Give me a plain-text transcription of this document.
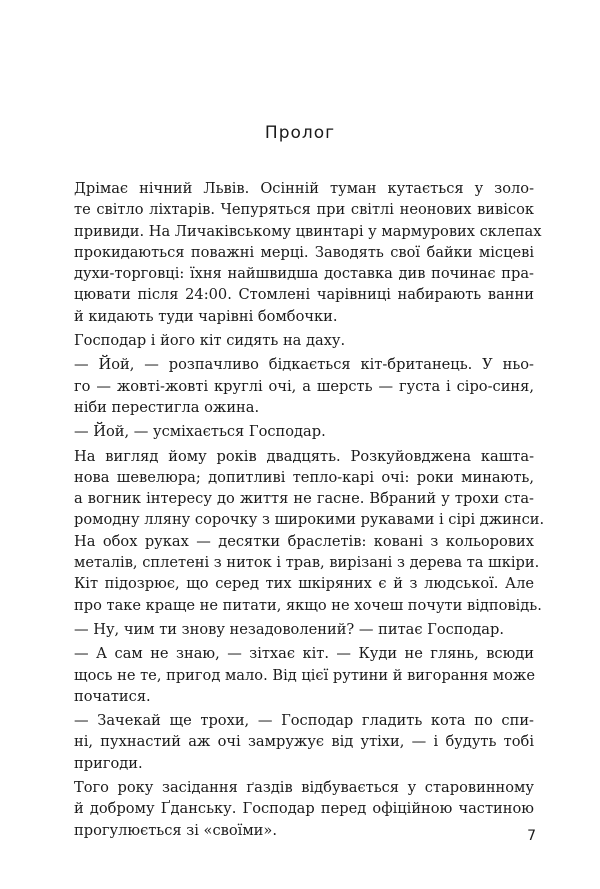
Пролог
Дрімає нічний Львів. Осінній туман кутається у золо-
те світло ліхтарів. Чепуряться при світлі неонових вивісок
привиди. На Личаківському цвинтарі у мармурових склепах
прокидаються поважні мерці. Заводять свої байки місцеві
духи-торговці: їхня найшвидша доставка див починає пра-
цювати після 24:00. Стомлені чарівниці набирають ванни
й кидають туди чарівні бомбочки.
Господар і його кіт сидять на даху.
— Йой, — розпачливо бідкається кіт-британець. У ньо-
го — жовті-жовті круглі очі, а шерсть — густа і сіро-синя,
ніби перестигла ожина.
— Йой, — усміхається Господар.
На вигляд йому років двадцять. Розкуйовджена кашта-
нова шевелюра; допитливі тепло-карі очі: роки минають,
а вогник інтересу до життя не гасне. Вбраний у трохи ста-
ромодну лляну сорочку з широкими рукавами і сірі джинси.
На обох руках — десятки браслетів: ковані з кольорових
металів, сплетені з ниток і трав, вирізані з дерева та шкіри.
Кіт підозрює, що серед тих шкіряних є й з людської. Але
про таке краще не питати, якщо не хочеш почути відповідь.
— Ну, чим ти знову незадоволений? — питає Господар.
— А сам не знаю, — зітхає кіт. — Куди не глянь, всюди
щось не те, пригод мало. Від цієї рутини й вигорання може
початися.
— Зачекай ще трохи, — Господар гладить кота по спи-
ні, пухнастий аж очі замружує від утіхи, — і будуть тобі
пригоди.
Того року засідання ґаздів відбувається у старовинному
й доброму Ґданську. Господар перед офіційною частиною
прогулюється зі «своїми».	7
